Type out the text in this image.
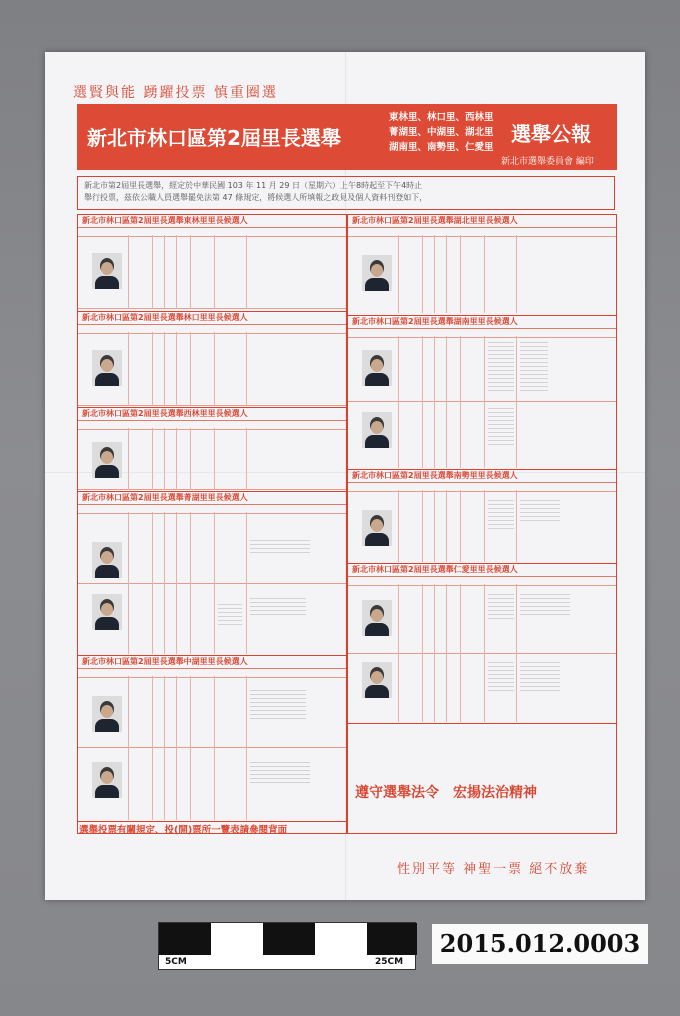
選賢與能 踴躍投票 慎重圈選
新北市林口區第2屆里長選舉
東林里、林口里、西林里
菁湖里、中湖里、湖北里
湖南里、南勢里、仁愛里
選舉公報
新北市選舉委員會 編印
新北市第2屆里長選舉，經定於中華民國 103 年 11 月 29 日（星期六）上午8時起至下午4時止
舉行投票，茲依公職人員選舉罷免法第 47 條規定，將候選人所填報之政見及個人資料刊登如下，
新北市林口區第2屆里長選舉東林里里長候選人
新北市林口區第2屆里長選舉林口里里長候選人
新北市林口區第2屆里長選舉西林里里長候選人
新北市林口區第2屆里長選舉菁湖里里長候選人
新北市林口區第2屆里長選舉中湖里里長候選人
新北市林口區第2屆里長選舉湖北里里長候選人
新北市林口區第2屆里長選舉湖南里里長候選人
新北市林口區第2屆里長選舉南勢里里長候選人
新北市林口區第2屆里長選舉仁愛里里長候選人
遵守選舉法令　宏揚法治精神
選舉投票有關規定、投(開)票所一覽表請參閱背面
性別平等 神聖一票 絕不放棄
5CM	25CM
2015.012.0003
